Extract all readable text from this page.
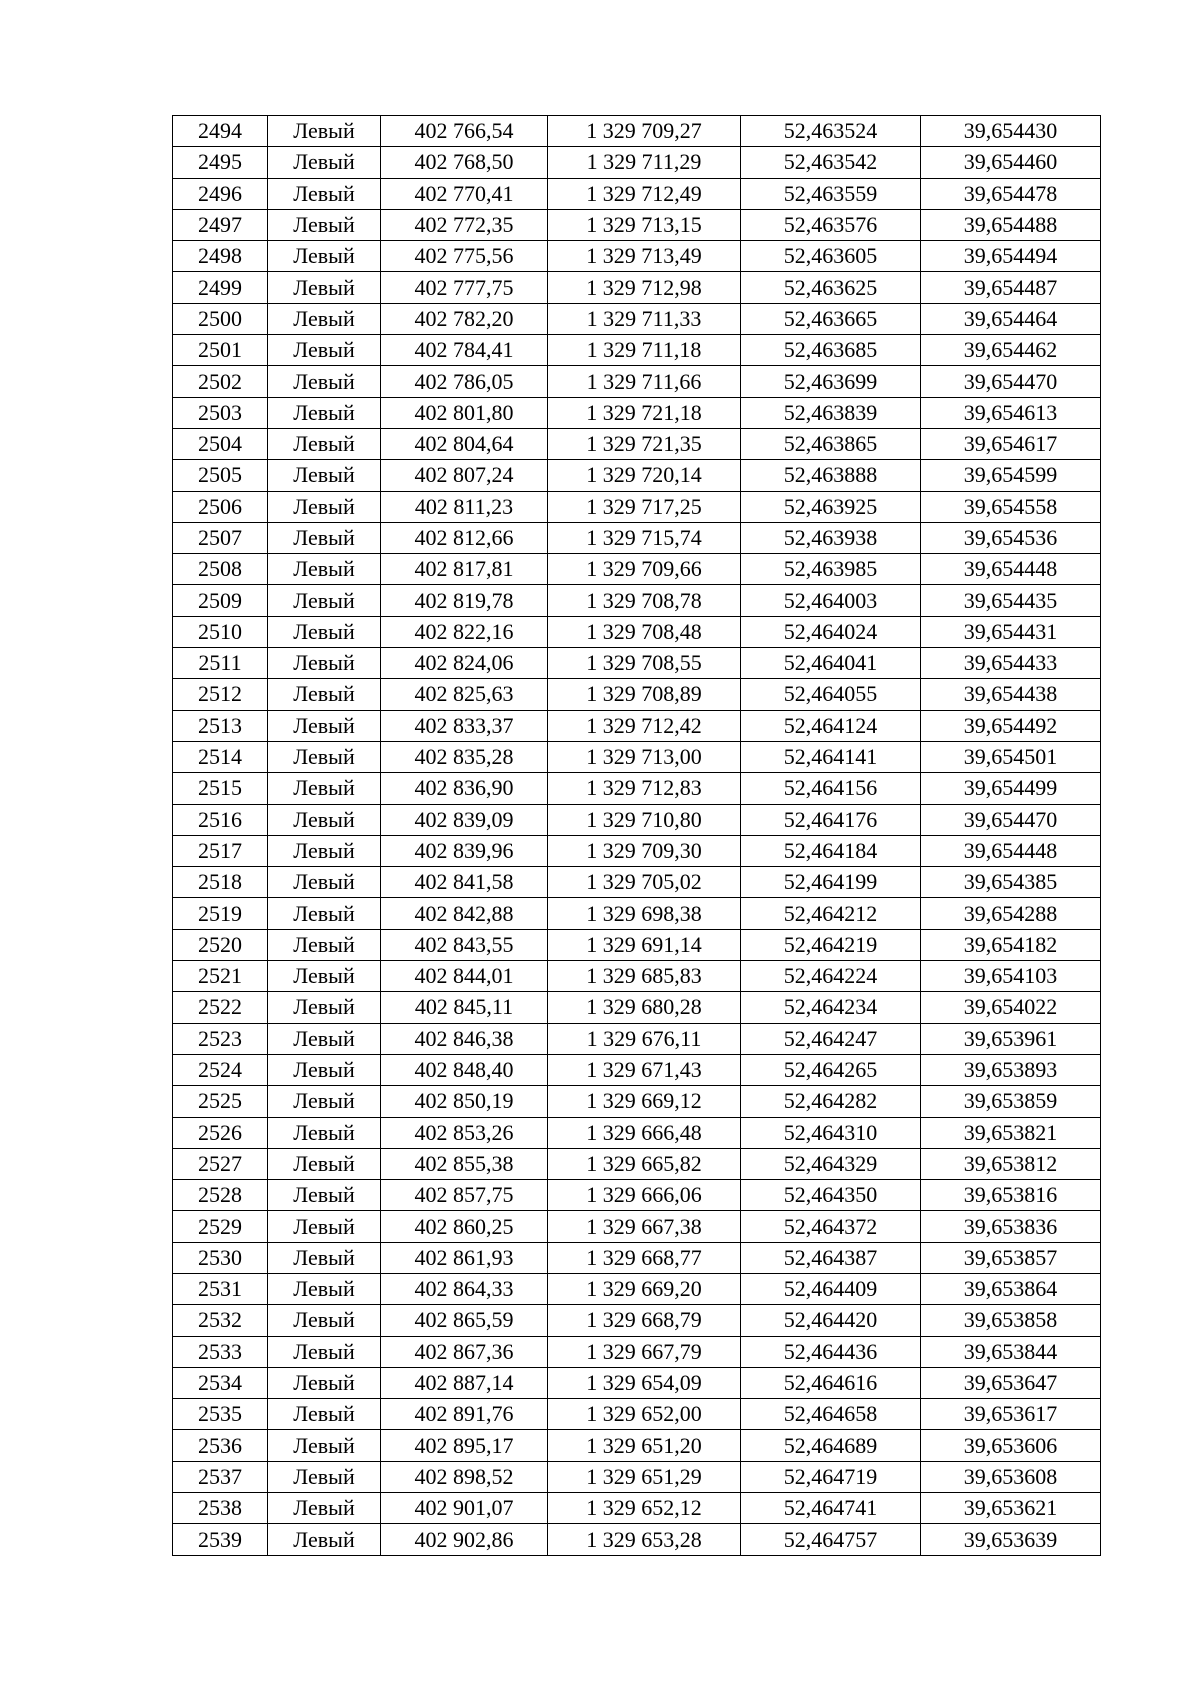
2494	Левый	402 766,54	1 329 709,27	52,463524	39,654430
2495	Левый	402 768,50	1 329 711,29	52,463542	39,654460
2496	Левый	402 770,41	1 329 712,49	52,463559	39,654478
2497	Левый	402 772,35	1 329 713,15	52,463576	39,654488
2498	Левый	402 775,56	1 329 713,49	52,463605	39,654494
2499	Левый	402 777,75	1 329 712,98	52,463625	39,654487
2500	Левый	402 782,20	1 329 711,33	52,463665	39,654464
2501	Левый	402 784,41	1 329 711,18	52,463685	39,654462
2502	Левый	402 786,05	1 329 711,66	52,463699	39,654470
2503	Левый	402 801,80	1 329 721,18	52,463839	39,654613
2504	Левый	402 804,64	1 329 721,35	52,463865	39,654617
2505	Левый	402 807,24	1 329 720,14	52,463888	39,654599
2506	Левый	402 811,23	1 329 717,25	52,463925	39,654558
2507	Левый	402 812,66	1 329 715,74	52,463938	39,654536
2508	Левый	402 817,81	1 329 709,66	52,463985	39,654448
2509	Левый	402 819,78	1 329 708,78	52,464003	39,654435
2510	Левый	402 822,16	1 329 708,48	52,464024	39,654431
2511	Левый	402 824,06	1 329 708,55	52,464041	39,654433
2512	Левый	402 825,63	1 329 708,89	52,464055	39,654438
2513	Левый	402 833,37	1 329 712,42	52,464124	39,654492
2514	Левый	402 835,28	1 329 713,00	52,464141	39,654501
2515	Левый	402 836,90	1 329 712,83	52,464156	39,654499
2516	Левый	402 839,09	1 329 710,80	52,464176	39,654470
2517	Левый	402 839,96	1 329 709,30	52,464184	39,654448
2518	Левый	402 841,58	1 329 705,02	52,464199	39,654385
2519	Левый	402 842,88	1 329 698,38	52,464212	39,654288
2520	Левый	402 843,55	1 329 691,14	52,464219	39,654182
2521	Левый	402 844,01	1 329 685,83	52,464224	39,654103
2522	Левый	402 845,11	1 329 680,28	52,464234	39,654022
2523	Левый	402 846,38	1 329 676,11	52,464247	39,653961
2524	Левый	402 848,40	1 329 671,43	52,464265	39,653893
2525	Левый	402 850,19	1 329 669,12	52,464282	39,653859
2526	Левый	402 853,26	1 329 666,48	52,464310	39,653821
2527	Левый	402 855,38	1 329 665,82	52,464329	39,653812
2528	Левый	402 857,75	1 329 666,06	52,464350	39,653816
2529	Левый	402 860,25	1 329 667,38	52,464372	39,653836
2530	Левый	402 861,93	1 329 668,77	52,464387	39,653857
2531	Левый	402 864,33	1 329 669,20	52,464409	39,653864
2532	Левый	402 865,59	1 329 668,79	52,464420	39,653858
2533	Левый	402 867,36	1 329 667,79	52,464436	39,653844
2534	Левый	402 887,14	1 329 654,09	52,464616	39,653647
2535	Левый	402 891,76	1 329 652,00	52,464658	39,653617
2536	Левый	402 895,17	1 329 651,20	52,464689	39,653606
2537	Левый	402 898,52	1 329 651,29	52,464719	39,653608
2538	Левый	402 901,07	1 329 652,12	52,464741	39,653621
2539	Левый	402 902,86	1 329 653,28	52,464757	39,653639
